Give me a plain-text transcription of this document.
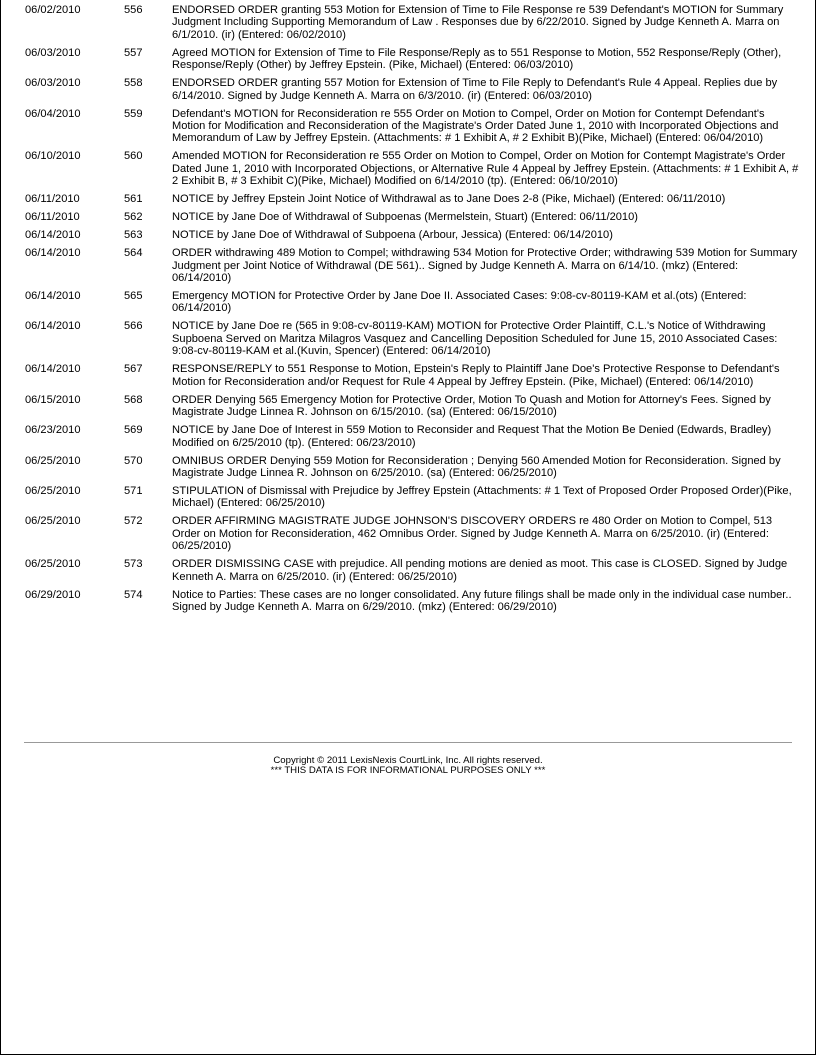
06/02/2010	556	ENDORSED ORDER granting 553 Motion for Extension of Time to File Response re 539 Defendant's MOTION for Summary Judgment Including Supporting Memorandum of Law . Responses due by 6/22/2010. Signed by Judge Kenneth A. Marra on 6/1/2010. (ir) (Entered: 06/02/2010)
06/03/2010	557	Agreed MOTION for Extension of Time to File Response/Reply as to 551 Response to Motion, 552 Response/Reply (Other), Response/Reply (Other) by Jeffrey Epstein. (Pike, Michael) (Entered: 06/03/2010)
06/03/2010	558	ENDORSED ORDER granting 557 Motion for Extension of Time to File Reply to Defendant's Rule 4 Appeal. Replies due by 6/14/2010. Signed by Judge Kenneth A. Marra on 6/3/2010. (ir) (Entered: 06/03/2010)
06/04/2010	559	Defendant's MOTION for Reconsideration re 555 Order on Motion to Compel, Order on Motion for Contempt Defendant's Motion for Modification and Reconsideration of the Magistrate's Order Dated June 1, 2010 with Incorporated Objections and Memorandum of Law by Jeffrey Epstein. (Attachments: # 1 Exhibit A, # 2 Exhibit B)(Pike, Michael) (Entered: 06/04/2010)
06/10/2010	560	Amended MOTION for Reconsideration re 555 Order on Motion to Compel, Order on Motion for Contempt Magistrate's Order Dated June 1, 2010 with Incorporated Objections, or Alternative Rule 4 Appeal by Jeffrey Epstein. (Attachments: # 1 Exhibit A, # 2 Exhibit B, # 3 Exhibit C)(Pike, Michael) Modified on 6/14/2010 (tp). (Entered: 06/10/2010)
06/11/2010	561	NOTICE by Jeffrey Epstein Joint Notice of Withdrawal as to Jane Does 2-8 (Pike, Michael) (Entered: 06/11/2010)
06/11/2010	562	NOTICE by Jane Doe of Withdrawal of Subpoenas (Mermelstein, Stuart) (Entered: 06/11/2010)
06/14/2010	563	NOTICE by Jane Doe of Withdrawal of Subpoena (Arbour, Jessica) (Entered: 06/14/2010)
06/14/2010	564	ORDER withdrawing 489 Motion to Compel; withdrawing 534 Motion for Protective Order; withdrawing 539 Motion for Summary Judgment per Joint Notice of Withdrawal (DE 561).. Signed by Judge Kenneth A. Marra on 6/14/10. (mkz) (Entered: 06/14/2010)
06/14/2010	565	Emergency MOTION for Protective Order by Jane Doe II. Associated Cases: 9:08-cv-80119-KAM et al.(ots) (Entered: 06/14/2010)
06/14/2010	566	NOTICE by Jane Doe re (565 in 9:08-cv-80119-KAM) MOTION for Protective Order Plaintiff, C.L.'s Notice of Withdrawing Supboena Served on Maritza Milagros Vasquez and Cancelling Deposition Scheduled for June 15, 2010 Associated Cases: 9:08-cv-80119-KAM et al.(Kuvin, Spencer) (Entered: 06/14/2010)
06/14/2010	567	RESPONSE/REPLY to 551 Response to Motion, Epstein's Reply to Plaintiff Jane Doe's Protective Response to Defendant's Motion for Reconsideration and/or Request for Rule 4 Appeal by Jeffrey Epstein. (Pike, Michael) (Entered: 06/14/2010)
06/15/2010	568	ORDER Denying 565 Emergency Motion for Protective Order, Motion To Quash and Motion for Attorney's Fees. Signed by Magistrate Judge Linnea R. Johnson on 6/15/2010. (sa) (Entered: 06/15/2010)
06/23/2010	569	NOTICE by Jane Doe of Interest in 559 Motion to Reconsider and Request That the Motion Be Denied (Edwards, Bradley) Modified on 6/25/2010 (tp). (Entered: 06/23/2010)
06/25/2010	570	OMNIBUS ORDER Denying 559 Motion for Reconsideration ; Denying 560 Amended Motion for Reconsideration. Signed by Magistrate Judge Linnea R. Johnson on 6/25/2010. (sa) (Entered: 06/25/2010)
06/25/2010	571	STIPULATION of Dismissal with Prejudice by Jeffrey Epstein (Attachments: # 1 Text of Proposed Order Proposed Order)(Pike, Michael) (Entered: 06/25/2010)
06/25/2010	572	ORDER AFFIRMING MAGISTRATE JUDGE JOHNSON'S DISCOVERY ORDERS re 480 Order on Motion to Compel, 513 Order on Motion for Reconsideration, 462 Omnibus Order. Signed by Judge Kenneth A. Marra on 6/25/2010. (ir) (Entered: 06/25/2010)
06/25/2010	573	ORDER DISMISSING CASE with prejudice. All pending motions are denied as moot. This case is CLOSED. Signed by Judge Kenneth A. Marra on 6/25/2010. (ir) (Entered: 06/25/2010)
06/29/2010	574	Notice to Parties: These cases are no longer consolidated. Any future filings shall be made only in the individual case number.. Signed by Judge Kenneth A. Marra on 6/29/2010. (mkz) (Entered: 06/29/2010)
Copyright © 2011 LexisNexis CourtLink, Inc. All rights reserved.
*** THIS DATA IS FOR INFORMATIONAL PURPOSES ONLY ***
